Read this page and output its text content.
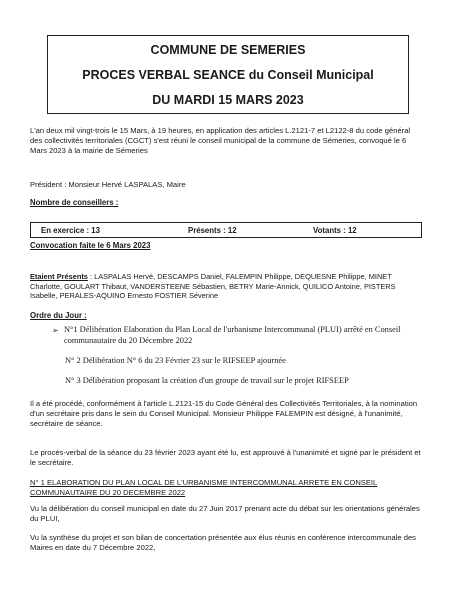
COMMUNE DE SEMERIES
PROCES VERBAL SEANCE du Conseil Municipal
DU MARDI 15 MARS 2023

L'an deux mil vingt-trois le 15 Mars, à 19 heures, en application des articles L.2121-7 et L2122-8 du code général des collectivités territoriales (CGCT) s'est réuni le conseil municipal de la commune de Sémeries, convoqué le 6 Mars 2023 à la mairie de Sémeries

Président : Monsieur Hervé LASPALAS, Maire
Nombre de conseillers :
En exercice : 13	Présents : 12	Votants : 12
Convocation faite le 6 Mars 2023

Etaient Présents : LASPALAS Hervé, DESCAMPS Daniel, FALEMPIN Philippe, DEQUESNE Philippe, MINET Charlotte, GOULART Thibaut, VANDERSTEENE Sébastien, BETRY Marie-Annick, QUILICO Antoine, PISTERS Isabelle, PERALES-AQUINO Ernesto FOSTIER Séverine

Ordre du Jour :
➢ N°1 Délibération Elaboration du Plan Local de l'urbanisme Intercommunal (PLUI) arrêté en Conseil communautaire du 20 Décembre 2022

N° 2 Délibération N° 6 du 23 Février 23 sur le RIFSEEP ajournée

N° 3 Délibération proposant la création d'un groupe de travail sur le projet RIFSEEP

Il a été procédé, conformément à l'article L.2121-15 du Code Général des Collectivités Territoriales, à la nomination d'un secrétaire pris dans le sein du Conseil Municipal. Monsieur Philippe FALEMPIN est désigné, à l'unanimité, secrétaire de séance.

Le procès-verbal de la séance du 23 février 2023 ayant été lu, est approuvé à l'unanimité et signé par le président et le secrétaire.

N° 1 ELABORATION DU PLAN LOCAL DE L'URBANISME INTERCOMMUNAL ARRETE EN CONSEIL COMMUNAUTAIRE DU 20 DECEMBRE 2022

Vu la délibération du conseil municipal en date du 27 Juin 2017 prenant acte du débat sur les orientations générales du PLUI,

Vu la synthèse du projet et son bilan de concertation présentée aux élus réunis en conférence intercommunale des Maires en date du 7 Décembre 2022,
